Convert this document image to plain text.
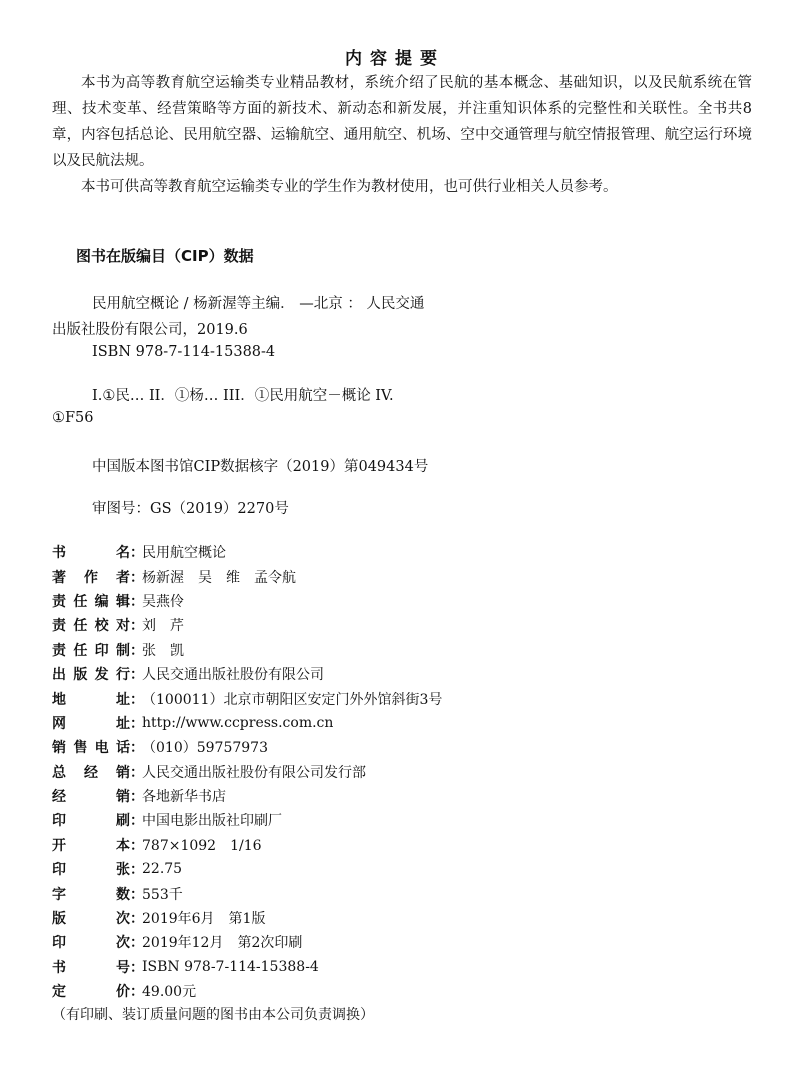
内容提要
本书为高等教育航空运输类专业精品教材，系统介绍了民航的基本概念、基础知识，以及民航系统在管理、技术变革、经营策略等方面的新技术、新动态和新发展，并注重知识体系的完整性和关联性。全书共8章，内容包括总论、民用航空器、运输航空、通用航空、机场、空中交通管理与航空情报管理、航空运行环境以及民航法规。
本书可供高等教育航空运输类专业的学生作为教材使用，也可供行业相关人员参考。
图书在版编目（CIP）数据
民用航空概论 / 杨新渥等主编． —北京 ： 人民交通
出版社股份有限公司，2019.6
ISBN 978-7-114-15388-4
I.①民… II．①杨… III．①民用航空－概论 IV.
①F56
中国版本图书馆CIP数据核字（2019）第049434号
审图号：GS（2019）2270号
书	名 ：
民用航空概论
著 作 者 ：
杨新渥　吴　维　孟令航
责 任 编 辑 ：
吴燕伶
责 任 校 对 ：
刘　芹
责 任 印 制 ：
张　凯
出 版 发 行 ：
人民交通出版社股份有限公司
地	址 ：
（100011）北京市朝阳区安定门外外馆斜街3号
网	址 ：
http://www.ccpress.com.cn
销 售 电 话 ：
（010）59757973
总 经 销 ：
人民交通出版社股份有限公司发行部
经	销 ：
各地新华书店
印	刷 ：
中国电影出版社印刷厂
开	本 ：
787×1092　1/16
印	张 ：
22.75
字	数 ：
553千
版	次 ：
2019年6月　第1版
印	次 ：
2019年12月　第2次印刷
书	号 ：
ISBN 978-7-114-15388-4
定	价 ：
49.00元
（有印刷、装订质量问题的图书由本公司负责调换）
